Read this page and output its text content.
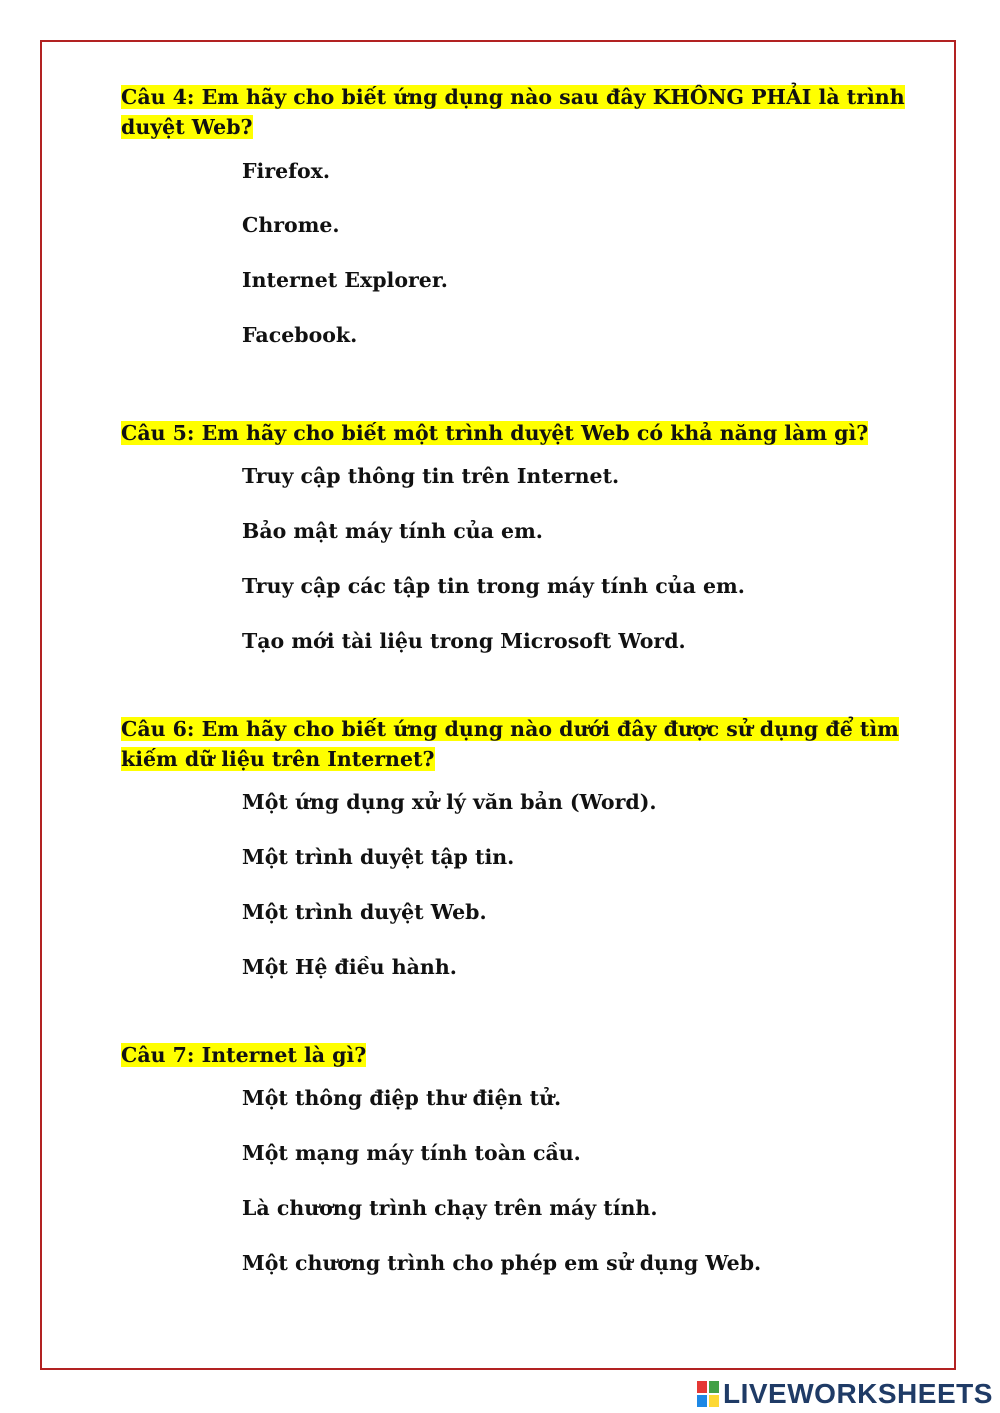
Câu 4: Em hãy cho biết ứng dụng nào sau đây KHÔNG PHẢI là trình duyệt Web?
Firefox.
Chrome.
Internet Explorer.
Facebook.
Câu 5: Em hãy cho biết một trình duyệt Web có khả năng làm gì?
Truy cập thông tin trên Internet.
Bảo mật máy tính của em.
Truy cập các tập tin trong máy tính của em.
Tạo mới tài liệu trong Microsoft Word.
Câu 6: Em hãy cho biết ứng dụng nào dưới đây được sử dụng để tìm kiếm dữ liệu trên Internet?
Một ứng dụng xử lý văn bản (Word).
Một trình duyệt tập tin.
Một trình duyệt Web.
Một Hệ điều hành.
Câu 7: Internet là gì?
Một thông điệp thư điện tử.
Một mạng máy tính toàn cầu.
Là chương trình chạy trên máy tính.
Một chương trình cho phép em sử dụng Web.
LIVEWORKSHEETS
